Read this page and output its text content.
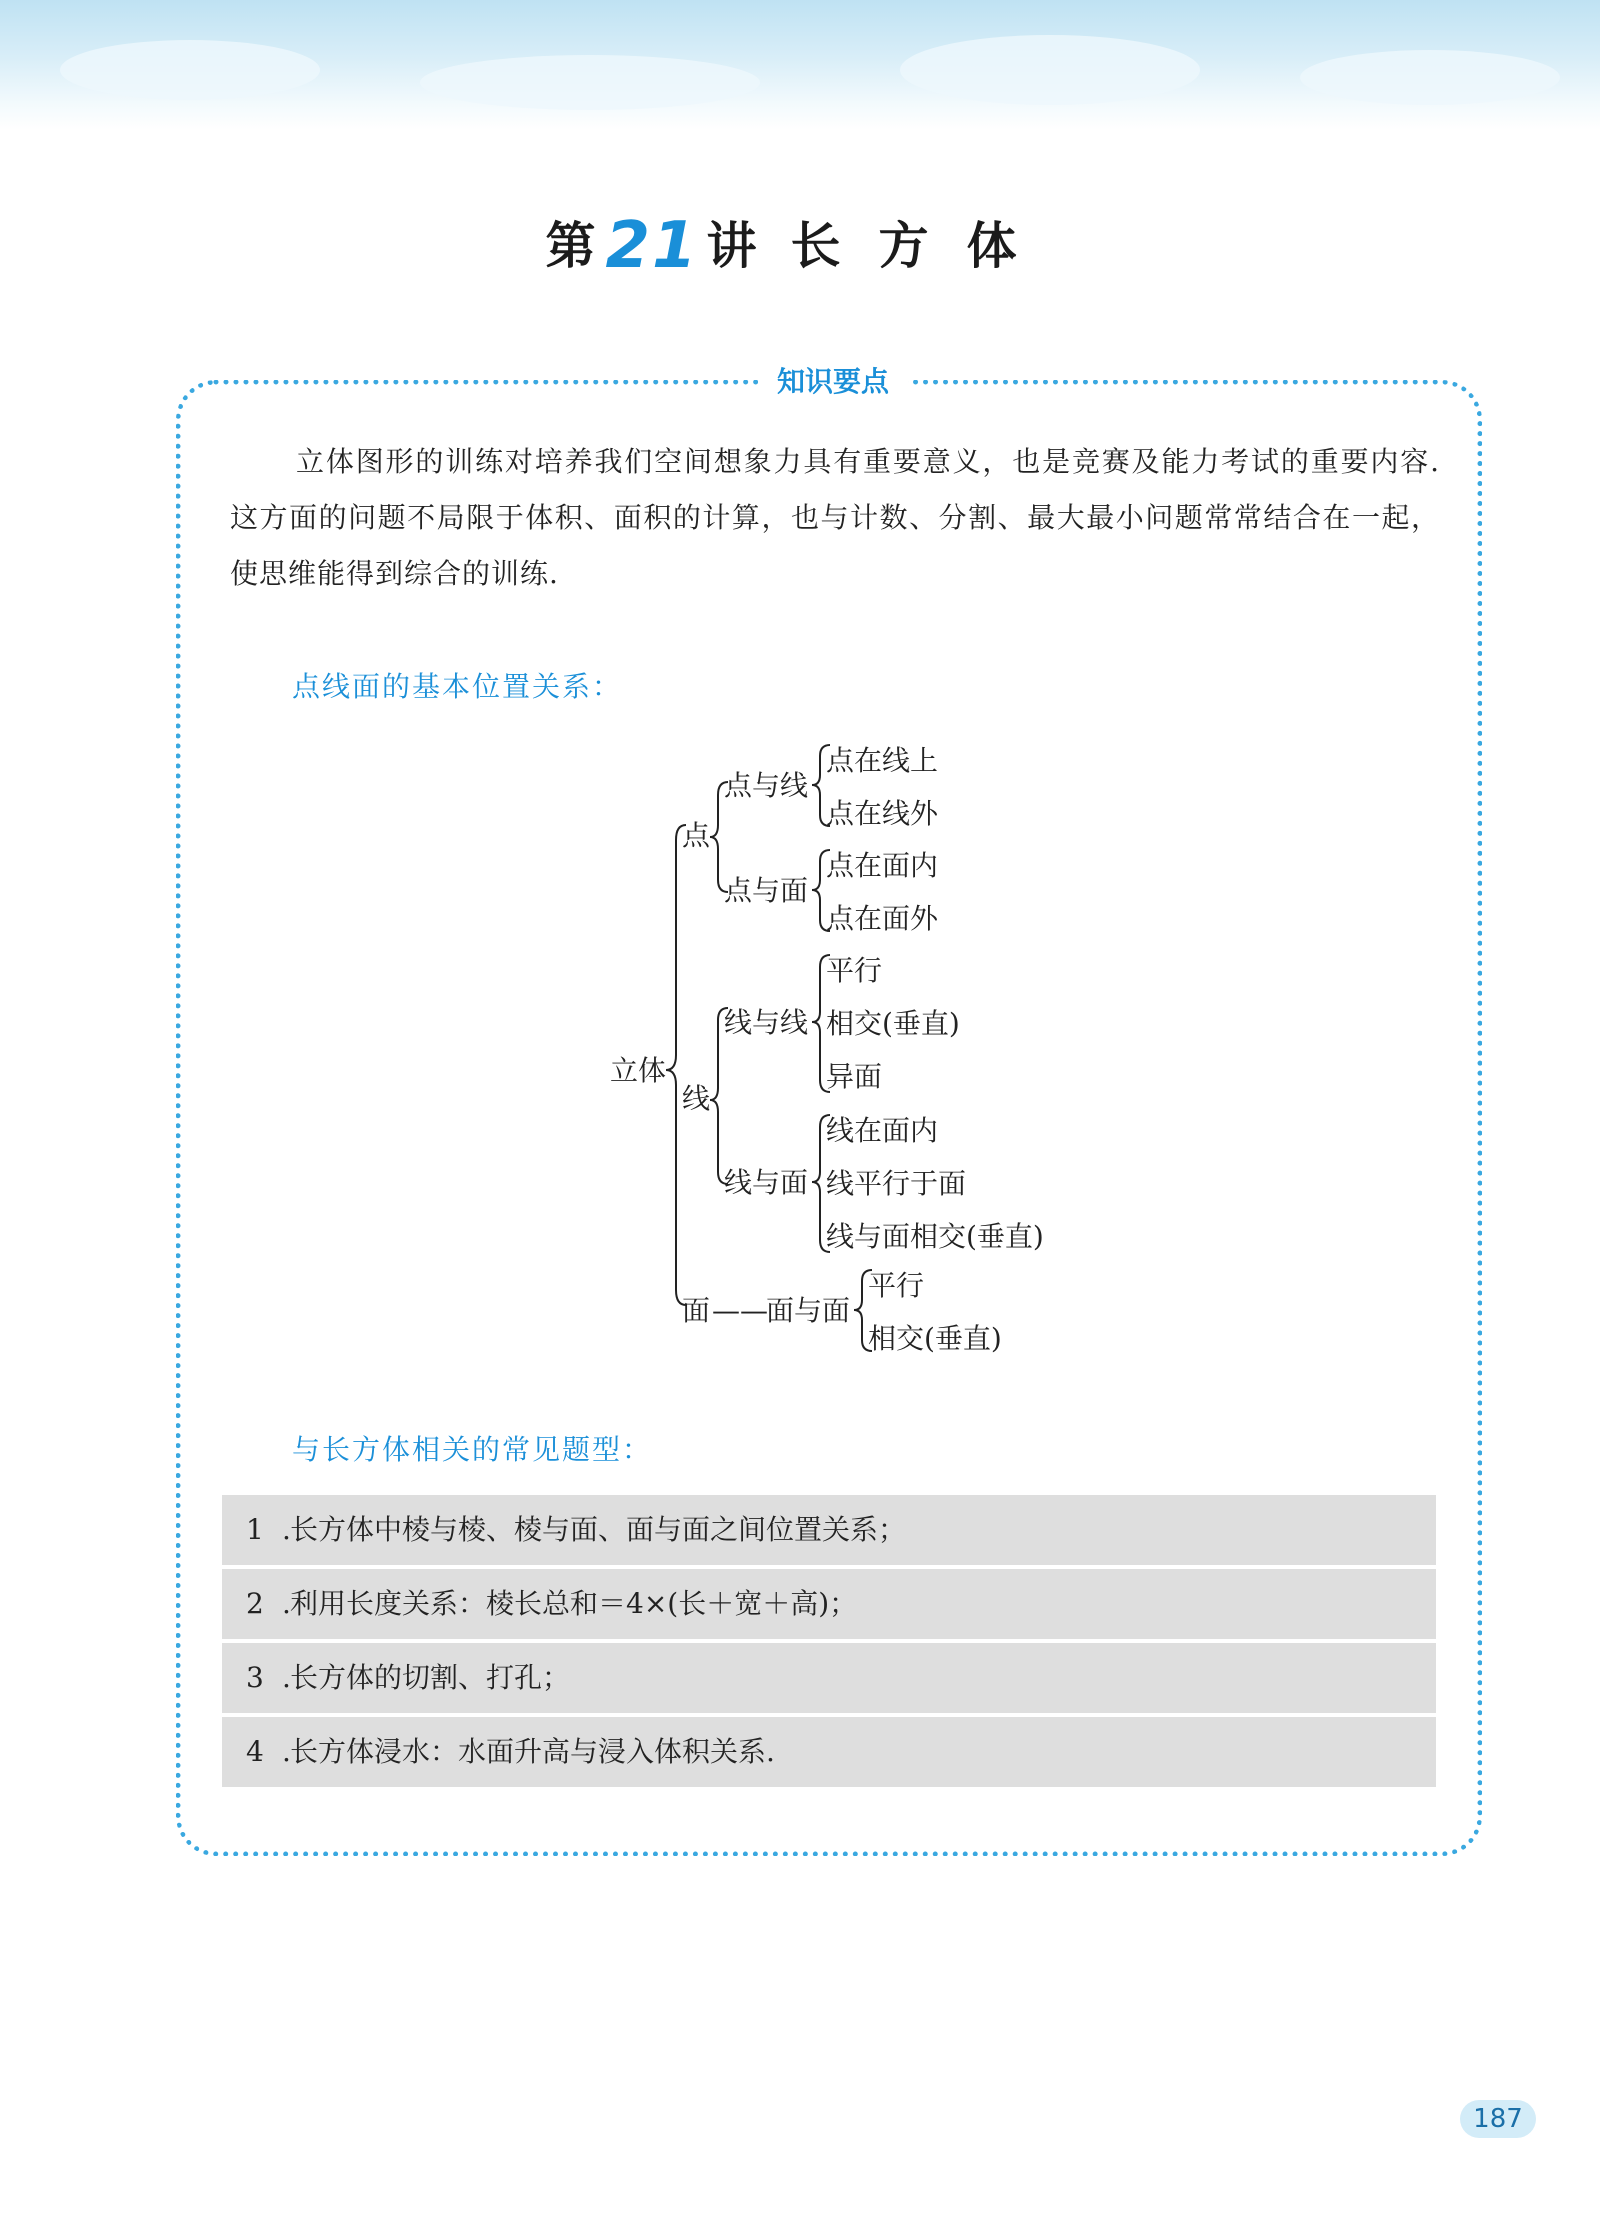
第 21 讲 长方体
知识要点
立体图形的训练对培养我们空间想象力具有重要意义，也是竞赛及能力考试的重要内容. 这方面的问题不局限于体积、面积的计算，也与计数、分割、最大最小问题常常结合在一起，使思维能得到综合的训练.
点线面的基本位置关系：
立体
点
点与线
点在线上
点在线外
点与面
点在面内
点在面外
线
线与线
平行
相交(垂直)
异面
线与面
线在面内
线平行于面
线与面相交(垂直)
面 ——
面与面
平行
相交(垂直)
与长方体相关的常见题型：
1 .长方体中棱与棱、棱与面、面与面之间位置关系；
2 .利用长度关系：棱长总和＝4×(长＋宽＋高)；
3 .长方体的切割、打孔；
4 .长方体浸水：水面升高与浸入体积关系.
187
